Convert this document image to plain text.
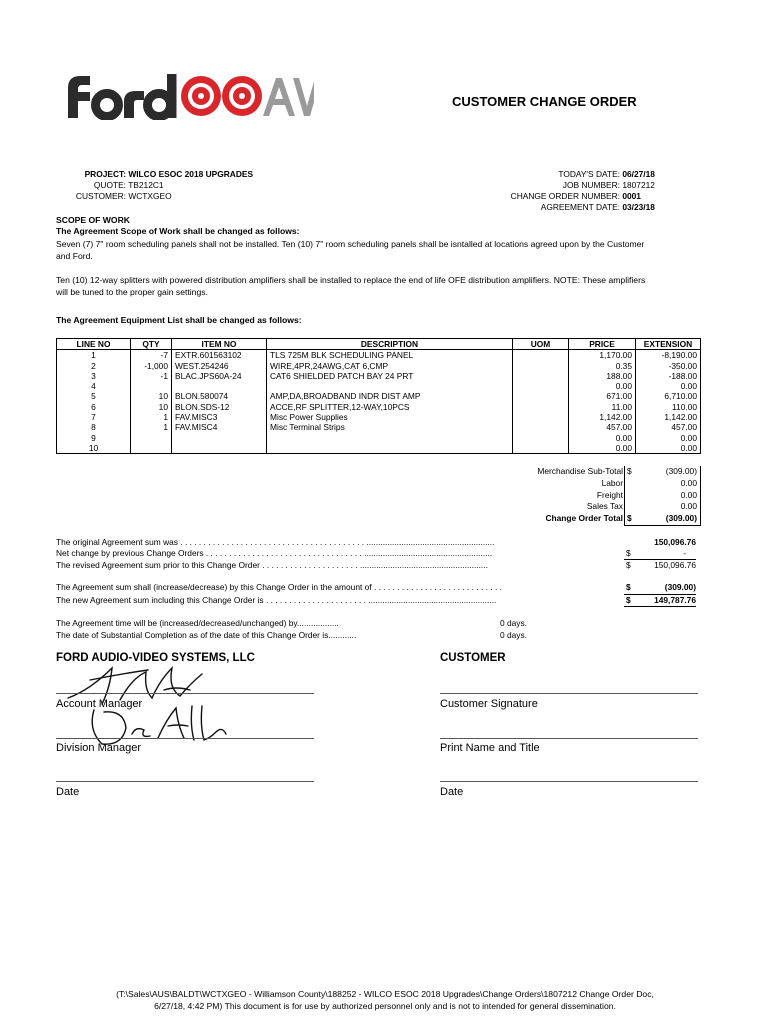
CUSTOMER CHANGE ORDER
PROJECT: WILCO ESOC 2018 UPGRADES
QUOTE: TB212C1
CUSTOMER: WCTXGEO
TODAY'S DATE: 06/27/18
JOB NUMBER: 1807212
CHANGE ORDER NUMBER: 0001
AGREEMENT DATE: 03/23/18
SCOPE OF WORK
The Agreement Scope of Work shall be changed as follows:
Seven (7) 7" room scheduling panels shall not be installed. Ten (10) 7" room scheduling panels shall be isntalled at locations agreed upon by the Customer
and Ford.
Ten (10) 12-way splitters with powered distribution amplifiers shall be installed to replace the end of life OFE distribution amplifiers. NOTE: These amplifiers
will be tuned to the proper gain settings.
The Agreement Equipment List shall be changed as follows:
LINE NO	QTY	ITEM NO	DESCRIPTION	UOM	PRICE	EXTENSION
1	-7	EXTR.601563102	TLS 725M BLK SCHEDULING PANEL		1,170.00	-8,190.00
2	-1,000	WEST.254246	WIRE,4PR,24AWG,CAT 6,CMP		0.35	-350.00
3	-1	BLAC.JPS60A-24	CAT6 SHIELDED PATCH BAY 24 PRT		188.00	-188.00
4					0.00	0.00
5	10	BLON.580074	AMP,DA,BROADBAND INDR DIST AMP		671.00	6,710.00
6	10	BLON.SDS-12	ACCE,RF SPLITTER,12-WAY,10PCS		11.00	110.00
7	1	FAV.MISC3	Misc Power Supplies		1,142.00	1,142.00
8	1	FAV.MISC4	Misc Terminal Strips		457.00	457.00
9					0.00	0.00
10					0.00	0.00
Merchandise Sub-Total $	(309.00)
Labor	0.00
Freight	0.00
Sales Tax	0.00
Change Order Total $	(309.00)
The original Agreement sum was . . . . . . . . . . . . . . . . . . . . . . . . . . . . . . . . . . . . . . . . .......................................................	150,096.76
Net change by previous Change Orders . . . . . . . . . . . . . . . . . . . . . . . . . . . . . . . . . . .......................................................	$	-
The revised Agreement sum prior to this Change Order . . . . . . . . . . . . . . . . . . . . . .......................................................	$	150,096.76
The Agreement sum shall (increase/decrease) by this Change Order in the amount of . . . . . . . . . . . . . . . . . . . . . . . . . . . .	$	(309.00)
The new Agreement sum including this Change Order is . . . . . . . . . . . . . . . . . . . . . . .......................................................	$	149,787.76
The Agreement time will be (increased/decreased/unchanged) by..................	0 days.
The date of Substantial Completion as of the date of this Change Order is............	0 days.
FORD AUDIO-VIDEO SYSTEMS, LLC	CUSTOMER
Account Manager
Division Manager
Date
Customer Signature
Print Name and Title
Date
(T:\Sales\AUS\BALDT\WCTXGEO - Williamson County\188252 - WILCO ESOC 2018 Upgrades\Change Orders\1807212 Change Order Doc,
6/27/18, 4:42 PM) This document is for use by authorized personnel only and is not to intended for general dissemination.
